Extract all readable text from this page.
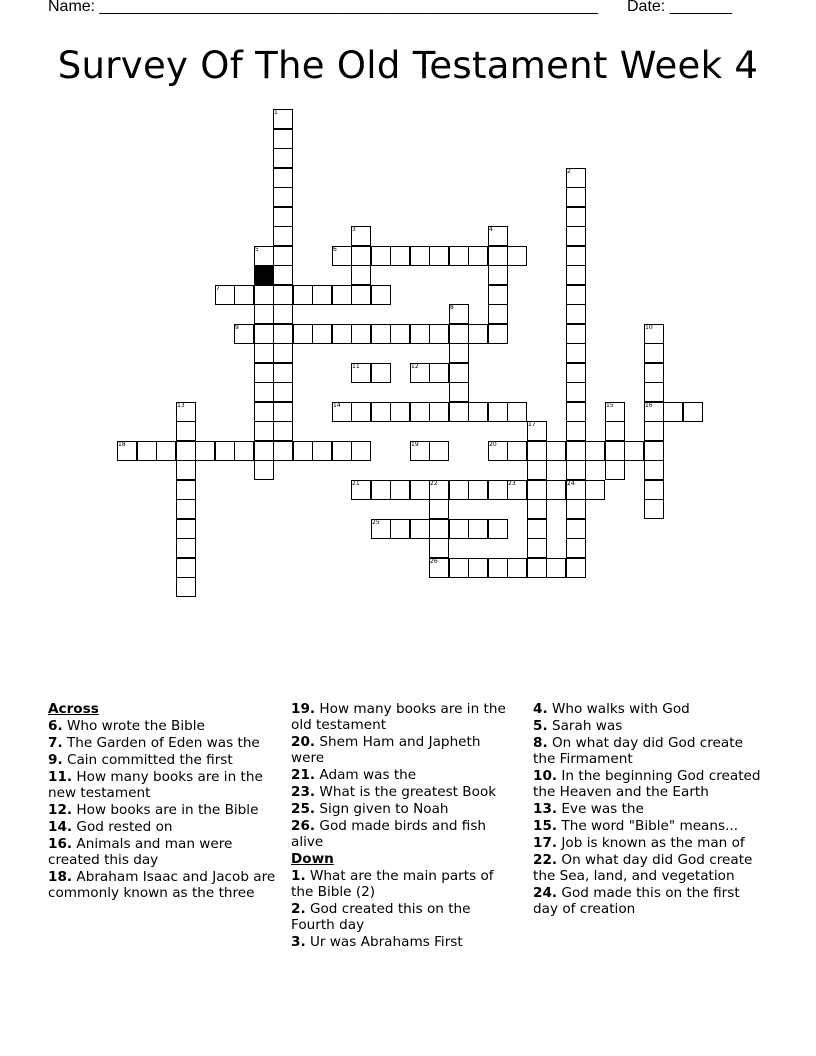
Name: ________________________________________________________ Date: _______
Survey Of The Old Testament Week 4
1
2
3	4
5	6
7
8
9	10
11	12
13	14	15	16
17
18	19	20
21	22	23	24
25
26
Across
6. Who wrote the Bible
7. The Garden of Eden was the
9. Cain committed the first
11. How many books are in the new testament
12. How books are in the Bible
14. God rested on
16. Animals and man were created this day
18. Abraham Isaac and Jacob are commonly known as the three
19. How many books are in the old testament
20. Shem Ham and Japheth were
21. Adam was the
23. What is the greatest Book
25. Sign given to Noah
26. God made birds and fish alive
Down
1. What are the main parts of the Bible (2)
2. God created this on the Fourth day
3. Ur was Abrahams First
4. Who walks with God
5. Sarah was
8. On what day did God create the Firmament
10. In the beginning God created the Heaven and the Earth
13. Eve was the
15. The word "Bible" means...
17. Job is known as the man of
22. On what day did God create the Sea, land, and vegetation
24. God made this on the first day of creation
